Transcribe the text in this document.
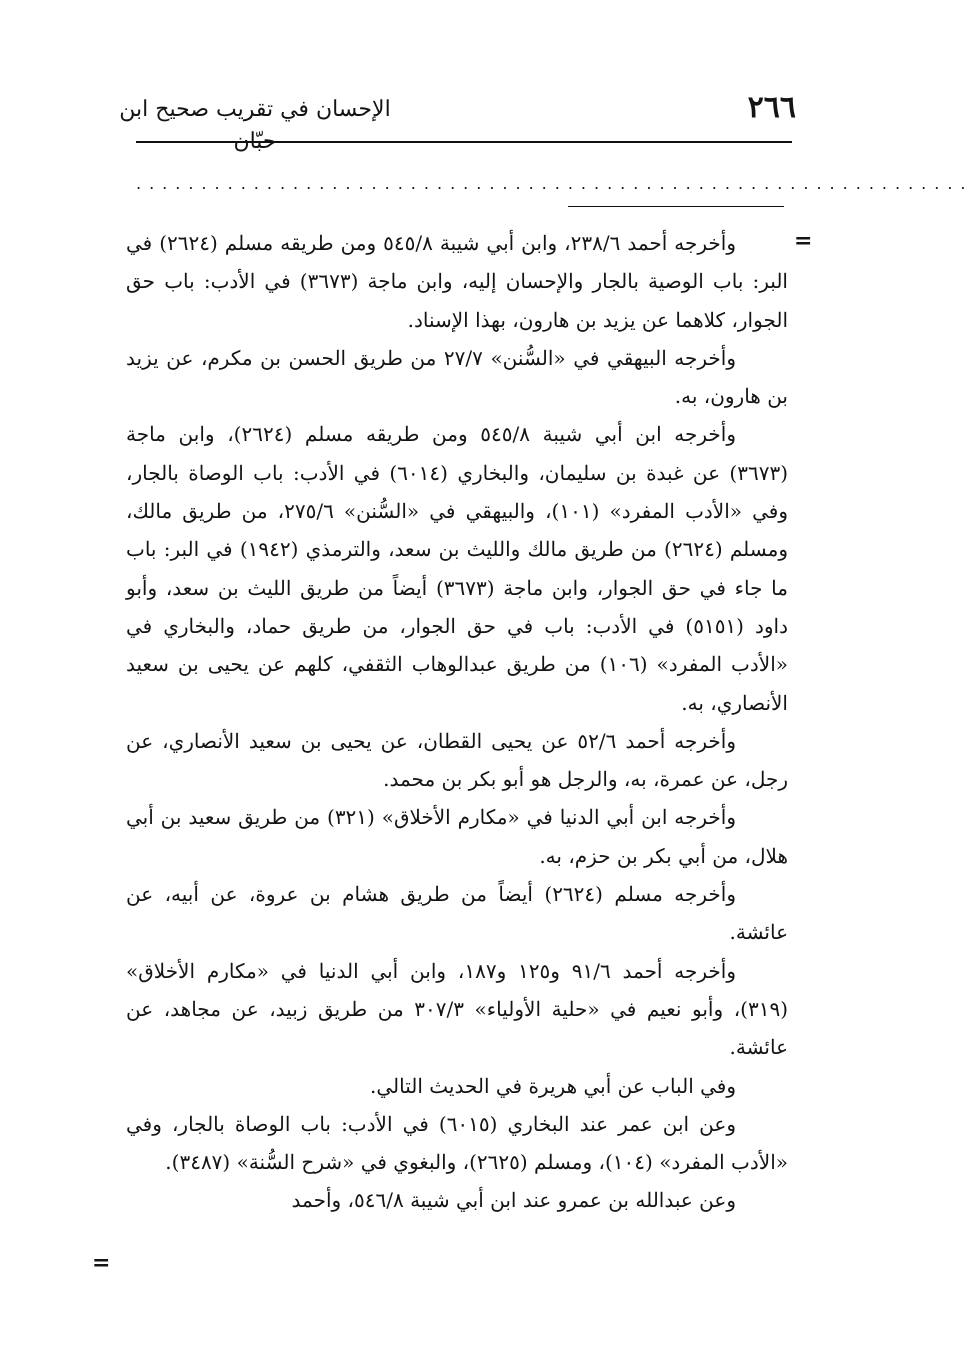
٢٦٦
الإحسان في تقريب صحيح ابن حبّان
................................................................
=

وأخرجه أحمد ٢٣٨/٦، وابن أبي شيبة ٥٤٥/٨ ومن طريقه مسلم (٢٦٢٤) في البر: باب الوصية بالجار والإحسان إليه، وابن ماجة (٣٦٧٣) في الأدب: باب حق الجوار، كلاهما عن يزيد بن هارون، بهذا الإسناد.

وأخرجه البيهقي في «السُّنن» ٢٧/٧ من طريق الحسن بن مكرم، عن يزيد بن هارون، به.

وأخرجه ابن أبي شيبة ٥٤٥/٨ ومن طريقه مسلم (٢٦٢٤)، وابن ماجة (٣٦٧٣) عن غبدة بن سليمان، والبخاري (٦٠١٤) في الأدب: باب الوصاة بالجار، وفي «الأدب المفرد» (١٠١)، والبيهقي في «السُّنن» ٢٧٥/٦، من طريق مالك، ومسلم (٢٦٢٤) من طريق مالك والليث بن سعد، والترمذي (١٩٤٢) في البر: باب ما جاء في حق الجوار، وابن ماجة (٣٦٧٣) أيضاً من طريق الليث بن سعد، وأبو داود (٥١٥١) في الأدب: باب في حق الجوار، من طريق حماد، والبخاري في «الأدب المفرد» (١٠٦) من طريق عبدالوهاب الثقفي، كلهم عن يحيى بن سعيد الأنصاري، به.

وأخرجه أحمد ٥٢/٦ عن يحيى القطان، عن يحيى بن سعيد الأنصاري، عن رجل، عن عمرة، به، والرجل هو أبو بكر بن محمد.

وأخرجه ابن أبي الدنيا في «مكارم الأخلاق» (٣٢١) من طريق سعيد بن أبي هلال، من أبي بكر بن حزم، به.

وأخرجه مسلم (٢٦٢٤) أيضاً من طريق هشام بن عروة، عن أبيه، عن عائشة.

وأخرجه أحمد ٩١/٦ و١٢٥ و١٨٧، وابن أبي الدنيا في «مكارم الأخلاق» (٣١٩)، وأبو نعيم في «حلية الأولياء» ٣٠٧/٣ من طريق زبيد، عن مجاهد، عن عائشة.

وفي الباب عن أبي هريرة في الحديث التالي.

وعن ابن عمر عند البخاري (٦٠١٥) في الأدب: باب الوصاة بالجار، وفي «الأدب المفرد» (١٠٤)، ومسلم (٢٦٢٥)، والبغوي في «شرح السُّنة» (٣٤٨٧).

وعن عبدالله بن عمرو عند ابن أبي شيبة ٥٤٦/٨، وأحمد

=
